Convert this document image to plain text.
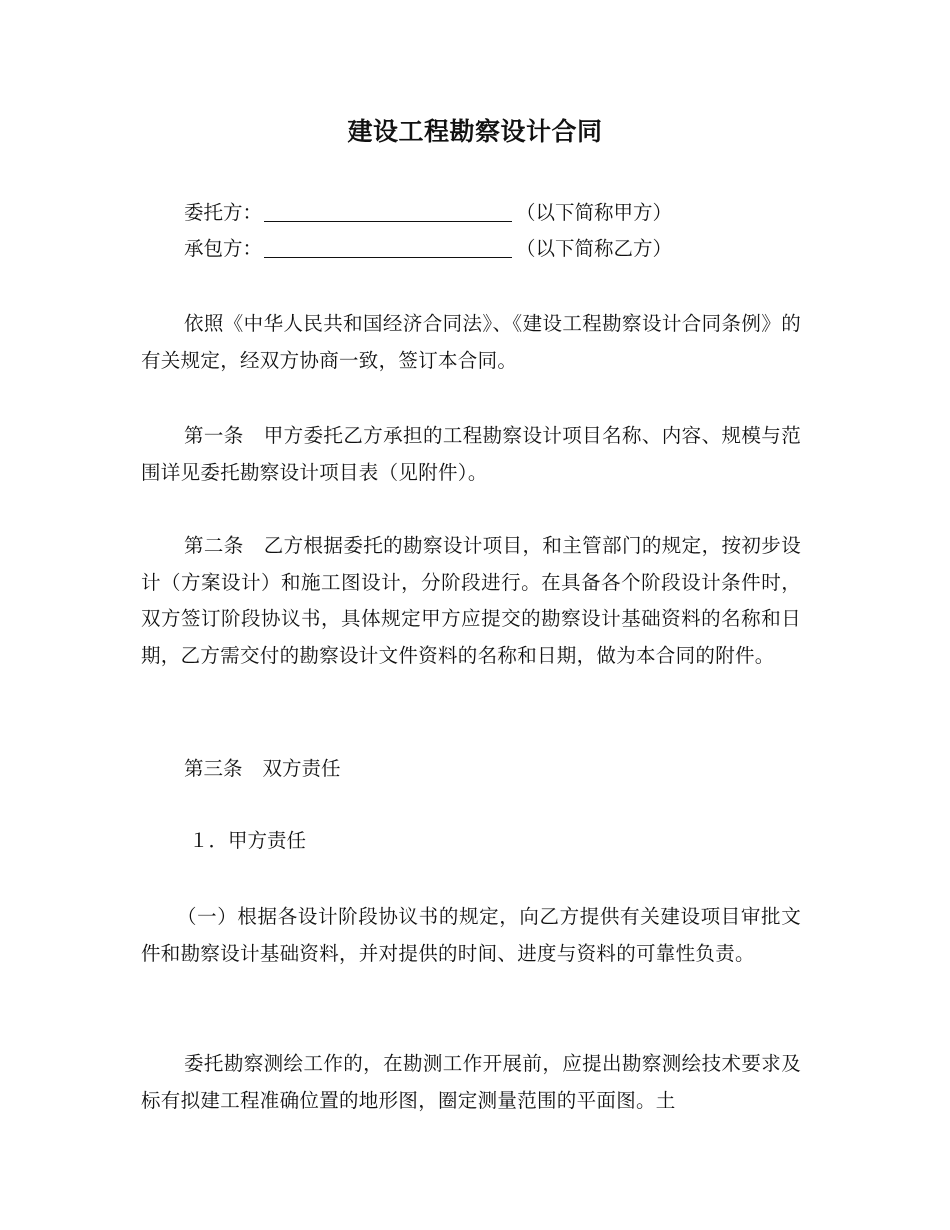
建设工程勘察设计合同
委托方：	（以下简称甲方）
承包方：	（以下简称乙方）
依照《中华人民共和国经济合同法》、《建设工程勘察设计合同条例》的有关规定，经双方协商一致，签订本合同。
第一条 甲方委托乙方承担的工程勘察设计项目名称、内容、规模与范围详见委托勘察设计项目表（见附件）。
第二条 乙方根据委托的勘察设计项目，和主管部门的规定，按初步设计（方案设计）和施工图设计，分阶段进行。在具备各个阶段设计条件时，双方签订阶段协议书，具体规定甲方应提交的勘察设计基础资料的名称和日期，乙方需交付的勘察设计文件资料的名称和日期，做为本合同的附件。
第三条 双方责任
１．甲方责任
（一）根据各设计阶段协议书的规定，向乙方提供有关建设项目审批文件和勘察设计基础资料，并对提供的时间、进度与资料的可靠性负责。
委托勘察测绘工作的，在勘测工作开展前，应提出勘察测绘技术要求及标有拟建工程准确位置的地形图，圈定测量范围的平面图。土
